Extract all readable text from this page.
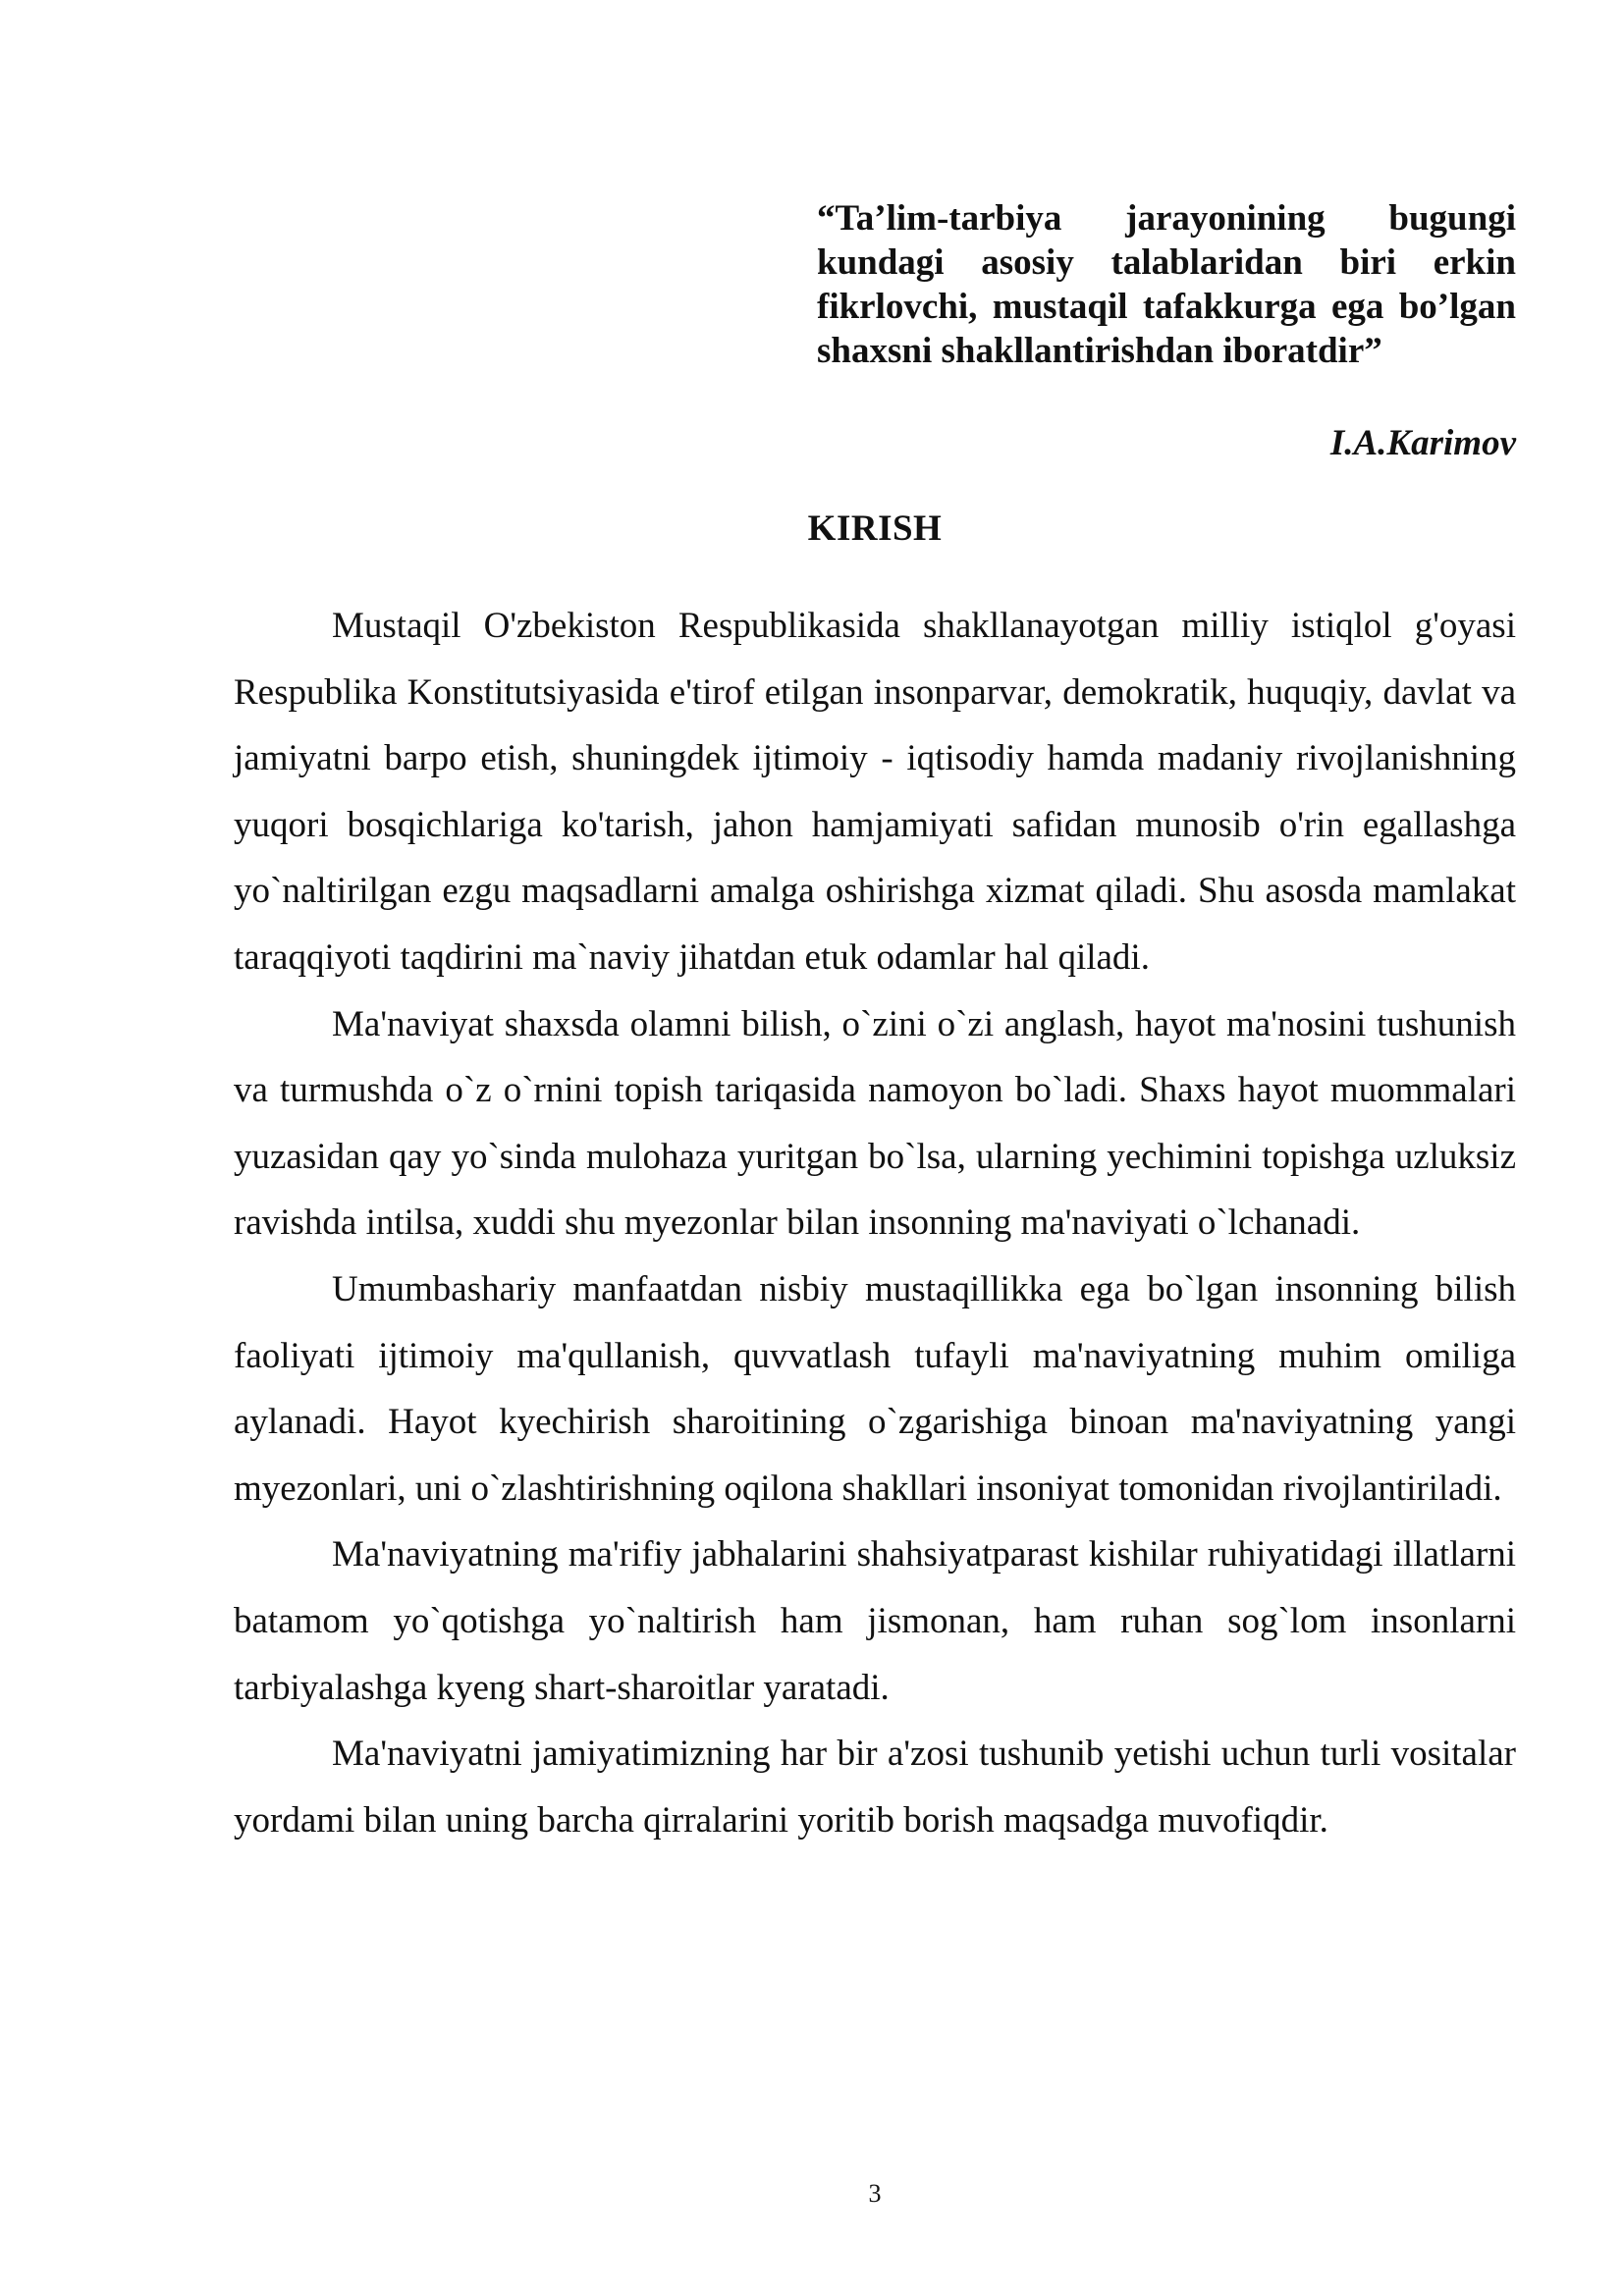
“Ta’lim-tarbiya jarayonining bugungi kundagi asosiy talablaridan biri erkin fikrlovchi, mustaqil tafakkurga ega bo’lgan shaxsni shakllantirishdan iboratdir”
I.A.Karimov
KIRISH

Mustaqil O'zbekiston Respublikasida shakllanayotgan milliy istiqlol g'oyasi Respublika Konstitutsiyasida e'tirof etilgan insonparvar, demokratik, huquqiy, davlat va jamiyatni barpo etish, shuningdek ijtimoiy - iqtisodiy hamda madaniy rivojlanishning yuqori bosqichlariga ko'tarish, jahon hamjamiyati safidan munosib o'rin egallashga yo`naltirilgan ezgu maqsadlarni amalga oshirishga xizmat qiladi. Shu asosda mamlakat taraqqiyoti taqdirini ma`naviy jihatdan etuk odamlar hal qiladi.

Ma'naviyat shaxsda olamni bilish, o`zini o`zi anglash, hayot ma'nosini tushunish va turmushda o`z o`rnini topish tariqasida namoyon bo`ladi. Shaxs hayot muommalari yuzasidan qay yo`sinda mulohaza yuritgan bo`lsa, ularning yechimini topishga uzluksiz ravishda intilsa, xuddi shu myezonlar bilan insonning ma'naviyati o`lchanadi.

Umumbashariy manfaatdan nisbiy mustaqillikka ega bo`lgan insonning bilish faoliyati ijtimoiy ma'qullanish, quvvatlash tufayli ma'naviyatning muhim omiliga aylanadi. Hayot kyechirish sharoitining o`zgarishiga binoan ma'naviyatning yangi myezonlari, uni o`zlashtirishning oqilona shakllari insoniyat tomonidan rivojlantiriladi.

Ma'naviyatning ma'rifiy jabhalarini shahsiyatparast kishilar ruhiyatidagi illatlarni batamom yo`qotishga yo`naltirish ham jismonan, ham ruhan sog`lom insonlarni tarbiyalashga kyeng shart-sharoitlar yaratadi.

Ma'naviyatni jamiyatimizning har bir a'zosi tushunib yetishi uchun turli vositalar yordami bilan uning barcha qirralarini yoritib borish maqsadga muvofiqdir.

3
